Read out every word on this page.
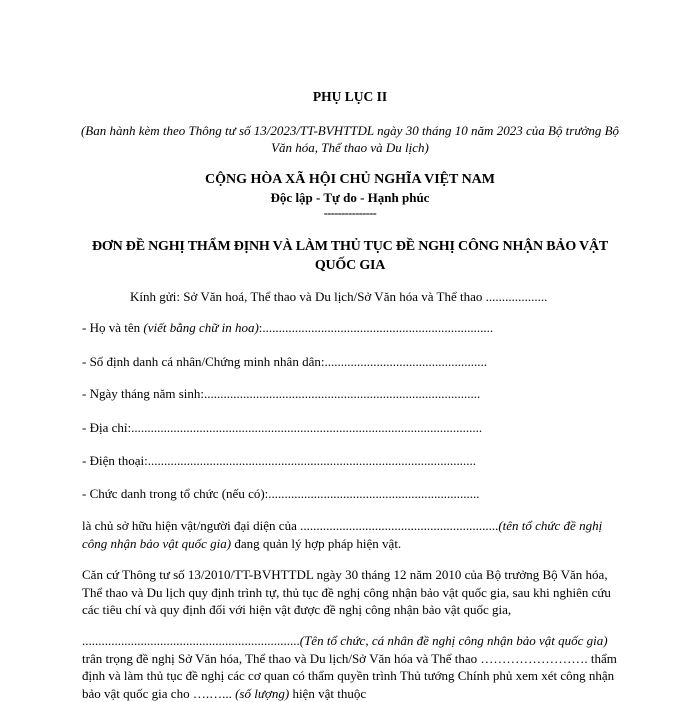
PHỤ LỤC II
(Ban hành kèm theo Thông tư số 13/2023/TT-BVHTTDL ngày 30 tháng 10 năm 2023 của Bộ trưởng Bộ Văn hóa, Thể thao và Du lịch)
CỘNG HÒA XÃ HỘI CHỦ NGHĨA VIỆT NAM
Độc lập - Tự do - Hạnh phúc
---------------
ĐƠN ĐỀ NGHỊ THẨM ĐỊNH VÀ LÀM THỦ TỤC ĐỀ NGHỊ CÔNG NHẬN BẢO VẬT QUỐC GIA
Kính gửi: Sở Văn hoá, Thể thao và Du lịch/Sở Văn hóa và Thể thao ...................
- Họ và tên (viết bằng chữ in hoa):.......................................................................
- Số định danh cá nhân/Chứng minh nhân dân:..................................................
- Ngày tháng năm sinh:.....................................................................................
- Địa chỉ:............................................................................................................
- Điện thoại:.....................................................................................................
- Chức danh trong tổ chức (nếu có):.................................................................
là chủ sở hữu hiện vật/người đại diện của .............................................................(tên tổ chức đề nghị công nhận bảo vật quốc gia) đang quản lý hợp pháp hiện vật.
Căn cứ Thông tư số 13/2010/TT-BVHTTDL ngày 30 tháng 12 năm 2010 của Bộ trưởng Bộ Văn hóa, Thể thao và Du lịch quy định trình tự, thủ tục đề nghị công nhận bảo vật quốc gia, sau khi nghiên cứu các tiêu chí và quy định đối với hiện vật được đề nghị công nhận bảo vật quốc gia,
...................................................................(Tên tổ chức, cá nhân đề nghị công nhận bảo vật quốc gia) trân trọng đề nghị Sở Văn hóa, Thể thao và Du lịch/Sở Văn hóa và Thể thao ……………………. thẩm định và làm thủ tục đề nghị các cơ quan có thẩm quyền trình Thủ tướng Chính phủ xem xét công nhận bảo vật quốc gia cho ….…... (số lượng) hiện vật thuộc
